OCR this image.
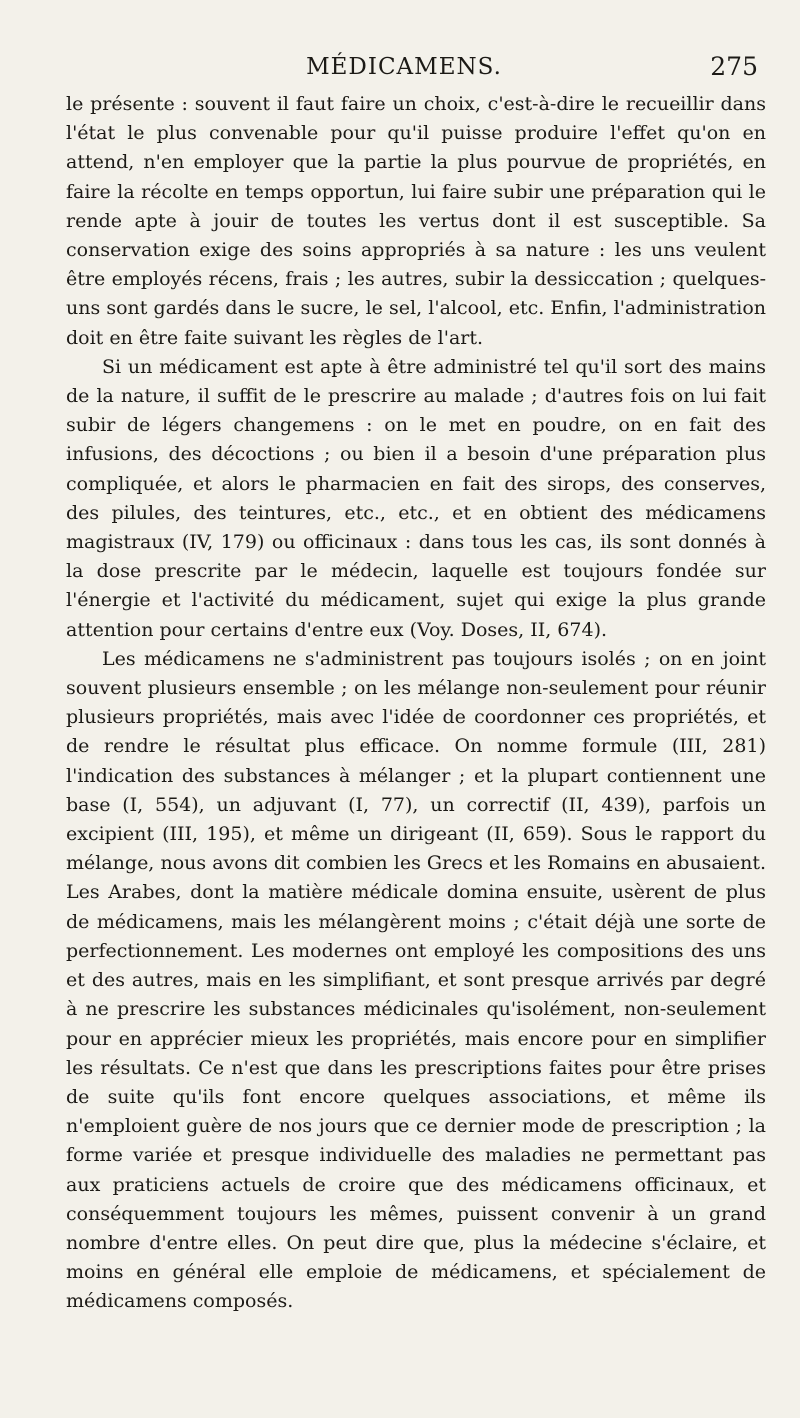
MÉDICAMENS.	275

le présente : souvent il faut faire un choix, c'est-à-dire le recueillir dans l'état le plus convenable pour qu'il puisse produire l'effet qu'on en attend, n'en employer que la partie la plus pourvue de propriétés, en faire la récolte en temps opportun, lui faire subir une préparation qui le rende apte à jouir de toutes les vertus dont il est susceptible. Sa conservation exige des soins appropriés à sa nature : les uns veulent être employés récens, frais ; les autres, subir la dessiccation ; quelques-uns sont gardés dans le sucre, le sel, l'alcool, etc. Enfin, l'administration doit en être faite suivant les règles de l'art.

Si un médicament est apte à être administré tel qu'il sort des mains de la nature, il suffit de le prescrire au malade ; d'autres fois on lui fait subir de légers changemens : on le met en poudre, on en fait des infusions, des décoctions ; ou bien il a besoin d'une préparation plus compliquée, et alors le pharmacien en fait des sirops, des conserves, des pilules, des teintures, etc., etc., et en obtient des médicamens magistraux (IV, 179) ou officinaux : dans tous les cas, ils sont donnés à la dose prescrite par le médecin, laquelle est toujours fondée sur l'énergie et l'activité du médicament, sujet qui exige la plus grande attention pour certains d'entre eux (Voy. Doses, II, 674).

Les médicamens ne s'administrent pas toujours isolés ; on en joint souvent plusieurs ensemble ; on les mélange non-seulement pour réunir plusieurs propriétés, mais avec l'idée de coordonner ces propriétés, et de rendre le résultat plus efficace. On nomme formule (III, 281) l'indication des substances à mélanger ; et la plupart contiennent une base (I, 554), un adjuvant (I, 77), un correctif (II, 439), parfois un excipient (III, 195), et même un dirigeant (II, 659). Sous le rapport du mélange, nous avons dit combien les Grecs et les Romains en abusaient. Les Arabes, dont la matière médicale domina ensuite, usèrent de plus de médicamens, mais les mélangèrent moins ; c'était déjà une sorte de perfectionnement. Les modernes ont employé les compositions des uns et des autres, mais en les simplifiant, et sont presque arrivés par degré à ne prescrire les substances médicinales qu'isolément, non-seulement pour en apprécier mieux les propriétés, mais encore pour en simplifier les résultats. Ce n'est que dans les prescriptions faites pour être prises de suite qu'ils font encore quelques associations, et même ils n'emploient guère de nos jours que ce dernier mode de prescription ; la forme variée et presque individuelle des maladies ne permettant pas aux praticiens actuels de croire que des médicamens officinaux, et conséquemment toujours les mêmes, puissent convenir à un grand nombre d'entre elles. On peut dire que, plus la médecine s'éclaire, et moins en général elle emploie de médicamens, et spécialement de médicamens composés.
